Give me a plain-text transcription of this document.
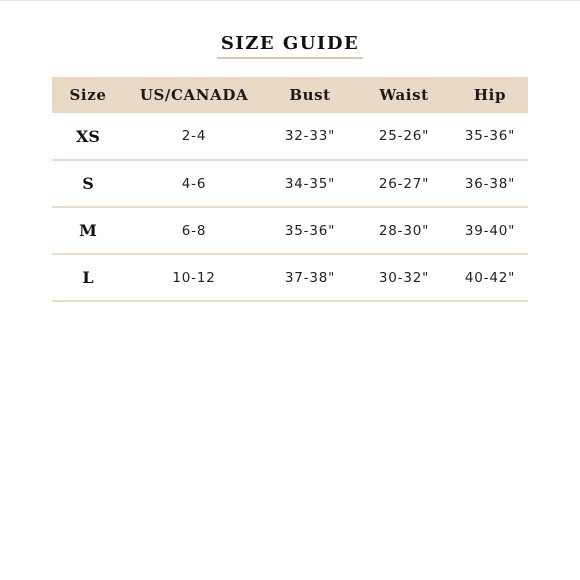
SIZE GUIDE
Size	US/CANADA	Bust	Waist	Hip
XS	2-4	32-33"	25-26"	35-36"
S	4-6	34-35"	26-27"	36-38"
M	6-8	35-36"	28-30"	39-40"
L	10-12	37-38"	30-32"	40-42"
